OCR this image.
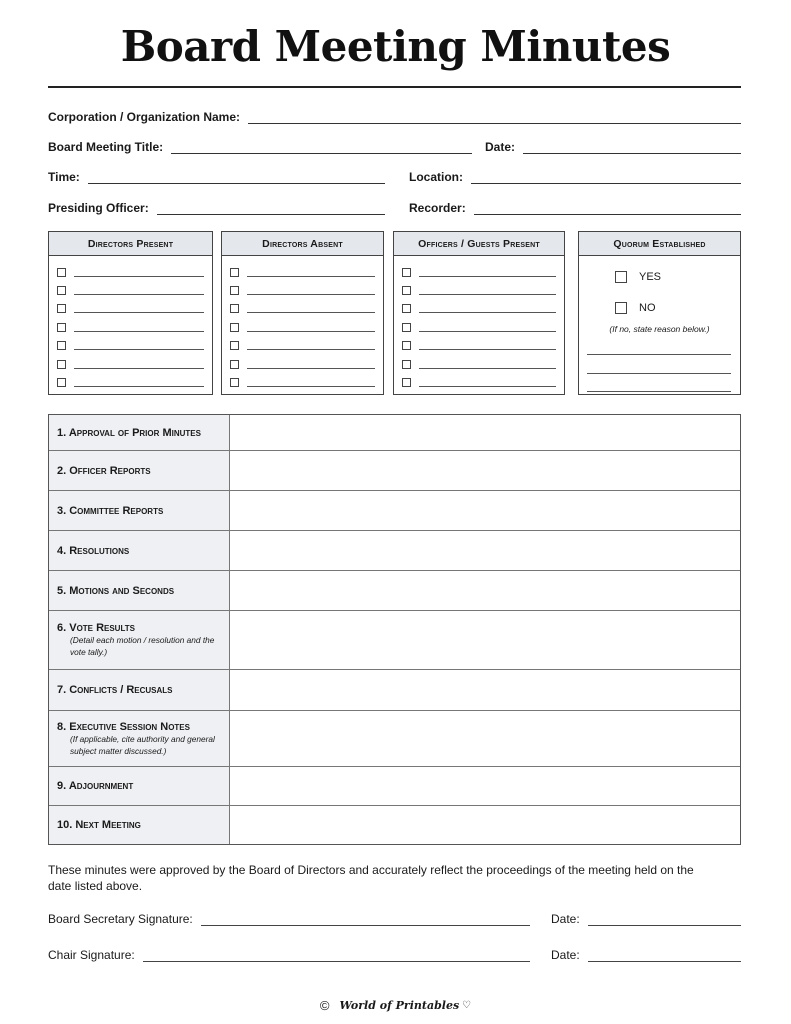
Board Meeting Minutes
Corporation / Organization Name:
Board Meeting Title:	Date:
Time:	Location:
Presiding Officer:	Recorder:
Directors Present	Directors Absent	Officers / Guests Present	Quorum Established
YES
NO
(If no, state reason below.)
1. Approval of Prior Minutes
2. Officer Reports
3. Committee Reports
4. Resolutions
5. Motions and Seconds
6. Vote Results
(Detail each motion / resolution and the vote tally.)
7. Conflicts / Recusals
8. Executive Session Notes
(If applicable, cite authority and general subject matter discussed.)
9. Adjournment
10. Next Meeting
These minutes were approved by the Board of Directors and accurately reflect the proceedings of the meeting held on the date listed above.
Board Secretary Signature:	Date:
Chair Signature:	Date:
© World of Printables ♡
